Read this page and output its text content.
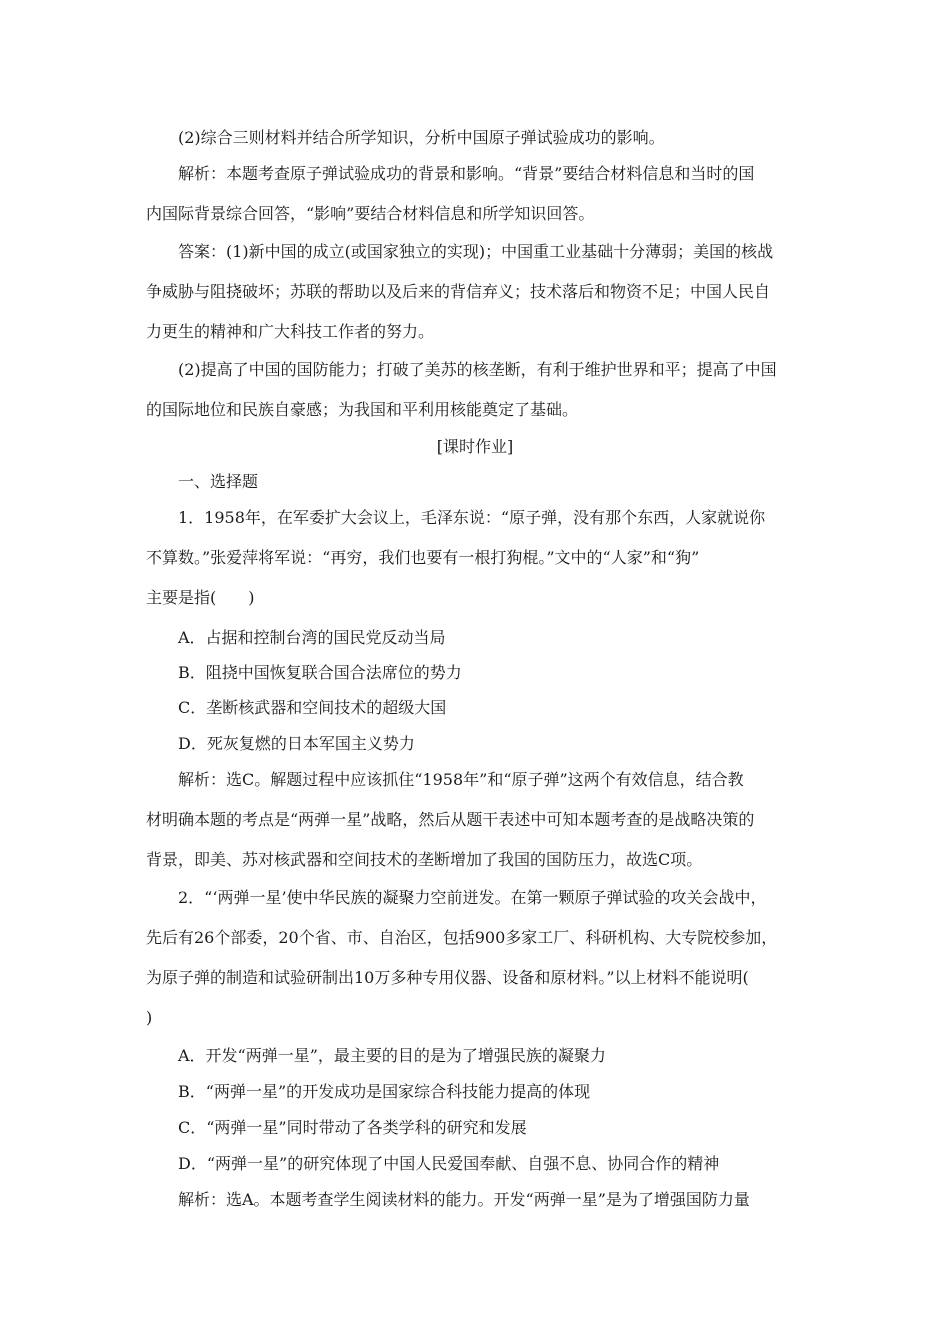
(2)综合三则材料并结合所学知识，分析中国原子弹试验成功的影响。
解析：本题考查原子弹试验成功的背景和影响。“背景”要结合材料信息和当时的国
内国际背景综合回答，“影响”要结合材料信息和所学知识回答。
答案：(1)新中国的成立(或国家独立的实现)；中国重工业基础十分薄弱；美国的核战
争威胁与阻挠破坏；苏联的帮助以及后来的背信弃义；技术落后和物资不足；中国人民自
力更生的精神和广大科技工作者的努力。
(2)提高了中国的国防能力；打破了美苏的核垄断，有利于维护世界和平；提高了中国
的国际地位和民族自豪感；为我国和平利用核能奠定了基础。
[课时作业]
一、选择题
1．1958年，在军委扩大会议上，毛泽东说：“原子弹，没有那个东西，人家就说你
不算数。”张爱萍将军说：“再穷，我们也要有一根打狗棍。”文中的“人家”和“狗”
主要是指(　　)
A．占据和控制台湾的国民党反动当局
B．阻挠中国恢复联合国合法席位的势力
C．垄断核武器和空间技术的超级大国
D．死灰复燃的日本军国主义势力
解析：选C。解题过程中应该抓住“1958年”和“原子弹”这两个有效信息，结合教
材明确本题的考点是“两弹一星”战略，然后从题干表述中可知本题考查的是战略决策的
背景，即美、苏对核武器和空间技术的垄断增加了我国的国防压力，故选C项。
2．“‘两弹一星’使中华民族的凝聚力空前迸发。在第一颗原子弹试验的攻关会战中，
先后有26个部委，20个省、市、自治区，包括900多家工厂、科研机构、大专院校参加，
为原子弹的制造和试验研制出10万多种专用仪器、设备和原材料。”以上材料不能说明(
)
A．开发“两弹一星”，最主要的目的是为了增强民族的凝聚力
B．“两弹一星”的开发成功是国家综合科技能力提高的体现
C．“两弹一星”同时带动了各类学科的研究和发展
D．“两弹一星”的研究体现了中国人民爱国奉献、自强不息、协同合作的精神
解析：选A。本题考查学生阅读材料的能力。开发“两弹一星”是为了增强国防力量
